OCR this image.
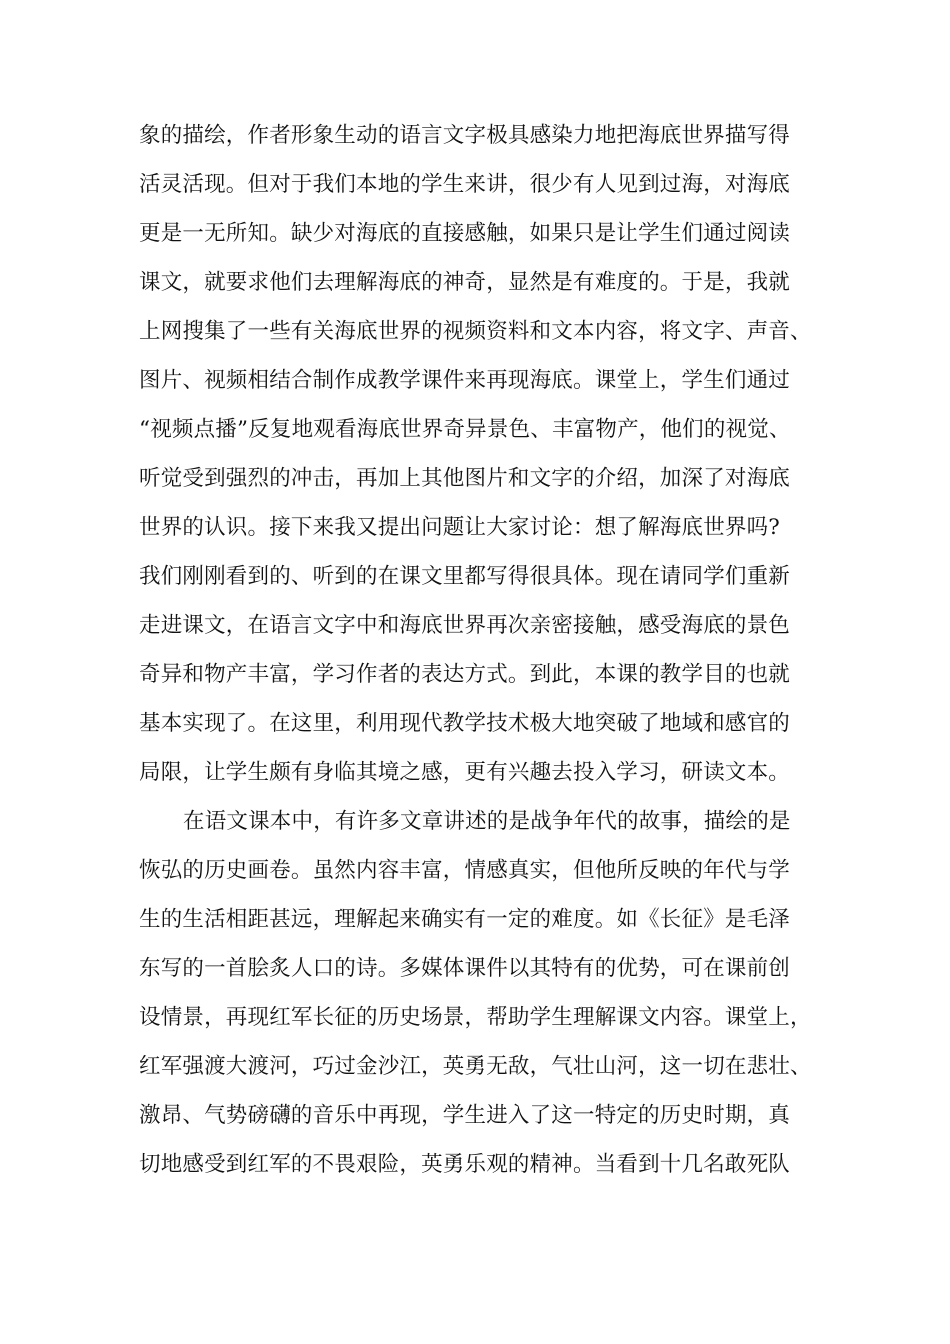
象的描绘，作者形象生动的语言文字极具感染力地把海底世界描写得
活灵活现。但对于我们本地的学生来讲，很少有人见到过海，对海底
更是一无所知。缺少对海底的直接感触，如果只是让学生们通过阅读
课文，就要求他们去理解海底的神奇，显然是有难度的。于是，我就
上网搜集了一些有关海底世界的视频资料和文本内容，将文字、声音、
图片、视频相结合制作成教学课件来再现海底。课堂上，学生们通过
“视频点播”反复地观看海底世界奇异景色、丰富物产，他们的视觉、
听觉受到强烈的冲击，再加上其他图片和文字的介绍，加深了对海底
世界的认识。接下来我又提出问题让大家讨论：想了解海底世界吗?
我们刚刚看到的、听到的在课文里都写得很具体。现在请同学们重新
走进课文，在语言文字中和海底世界再次亲密接触，感受海底的景色
奇异和物产丰富，学习作者的表达方式。到此，本课的教学目的也就
基本实现了。在这里，利用现代教学技术极大地突破了地域和感官的
局限，让学生颇有身临其境之感，更有兴趣去投入学习，研读文本。
在语文课本中，有许多文章讲述的是战争年代的故事，描绘的是
恢弘的历史画卷。虽然内容丰富，情感真实，但他所反映的年代与学
生的生活相距甚远，理解起来确实有一定的难度。如《长征》是毛泽
东写的一首脍炙人口的诗。多媒体课件以其特有的优势，可在课前创
设情景，再现红军长征的历史场景，帮助学生理解课文内容。课堂上，
红军强渡大渡河，巧过金沙江，英勇无敌，气壮山河，这一切在悲壮、
激昂、气势磅礴的音乐中再现，学生进入了这一特定的历史时期，真
切地感受到红军的不畏艰险，英勇乐观的精神。当看到十几名敢死队
